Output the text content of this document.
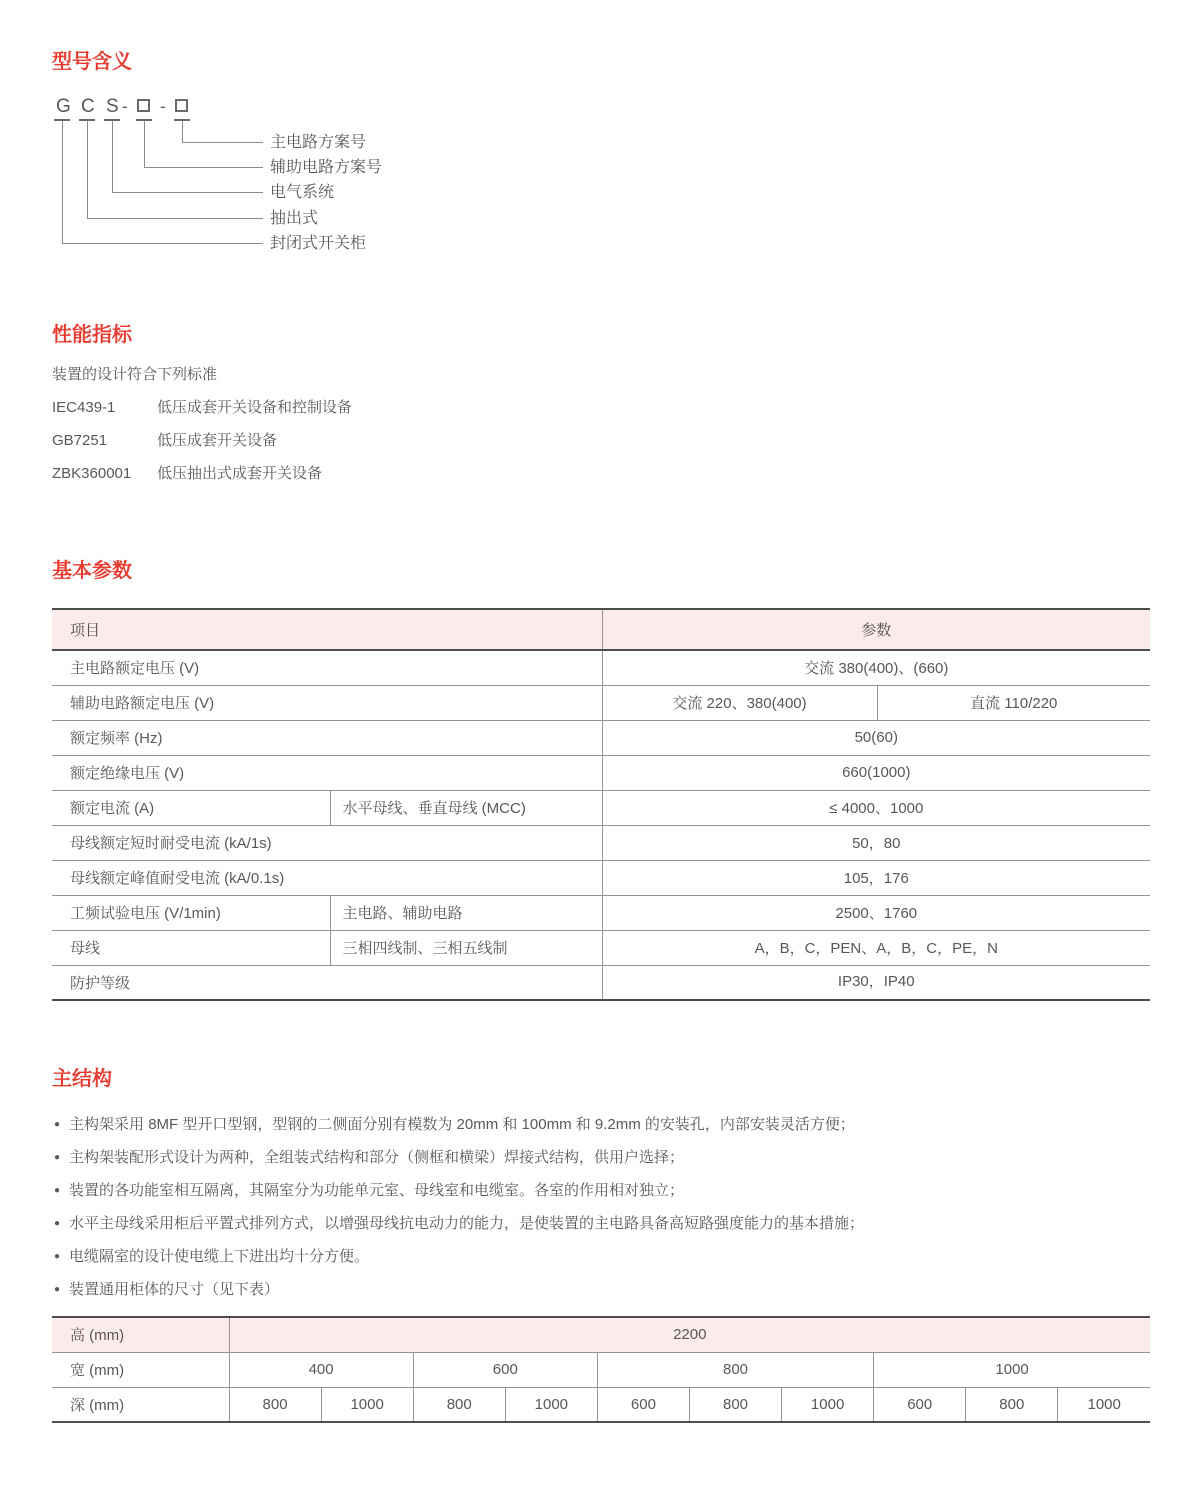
型号含义
G C S - -
主电路方案号
辅助电路方案号
电气系统
抽出式
封闭式开关柜
性能指标

装置的设计符合下列标准

IEC439-1	低压成套开关设备和控制设备
GB7251	低压成套开关设备
ZBK360001	低压抽出式成套开关设备
基本参数
项目		参数	
主电路额定电压 (V)		交流 380(400)、(660)	
辅助电路额定电压 (V)		交流 220、380(400)	直流 110/220
额定频率 (Hz)		50(60)	
额定绝缘电压 (V)		660(1000)	
额定电流 (A)	水平母线、垂直母线 (MCC)	≤ 4000、1000	
母线额定短时耐受电流 (kA/1s)		50，80	
母线额定峰值耐受电流 (kA/0.1s)		105，176	
工频试验电压 (V/1min)	主电路、辅助电路	2500、1760	
母线	三相四线制、三相五线制	A，B，C，PEN、A，B，C，PE，N	
防护等级		IP30，IP40	
主结构
● 主构架采用 8MF 型开口型钢，型钢的二侧面分别有模数为 20mm 和 100mm 和 9.2mm 的安装孔，内部安装灵活方便；
● 主构架装配形式设计为两种，全组装式结构和部分（侧框和横梁）焊接式结构，供用户选择；
● 装置的各功能室相互隔离，其隔室分为功能单元室、母线室和电缆室。各室的作用相对独立；
● 水平主母线采用柜后平置式排列方式，以增强母线抗电动力的能力，是使装置的主电路具备高短路强度能力的基本措施；
● 电缆隔室的设计使电缆上下进出均十分方便。
● 装置通用柜体的尺寸（见下表）
高 (mm)	2200									
宽 (mm)	400		600		800			1000		
深 (mm)	800	1000	800	1000	600	800	1000	600	800	1000
